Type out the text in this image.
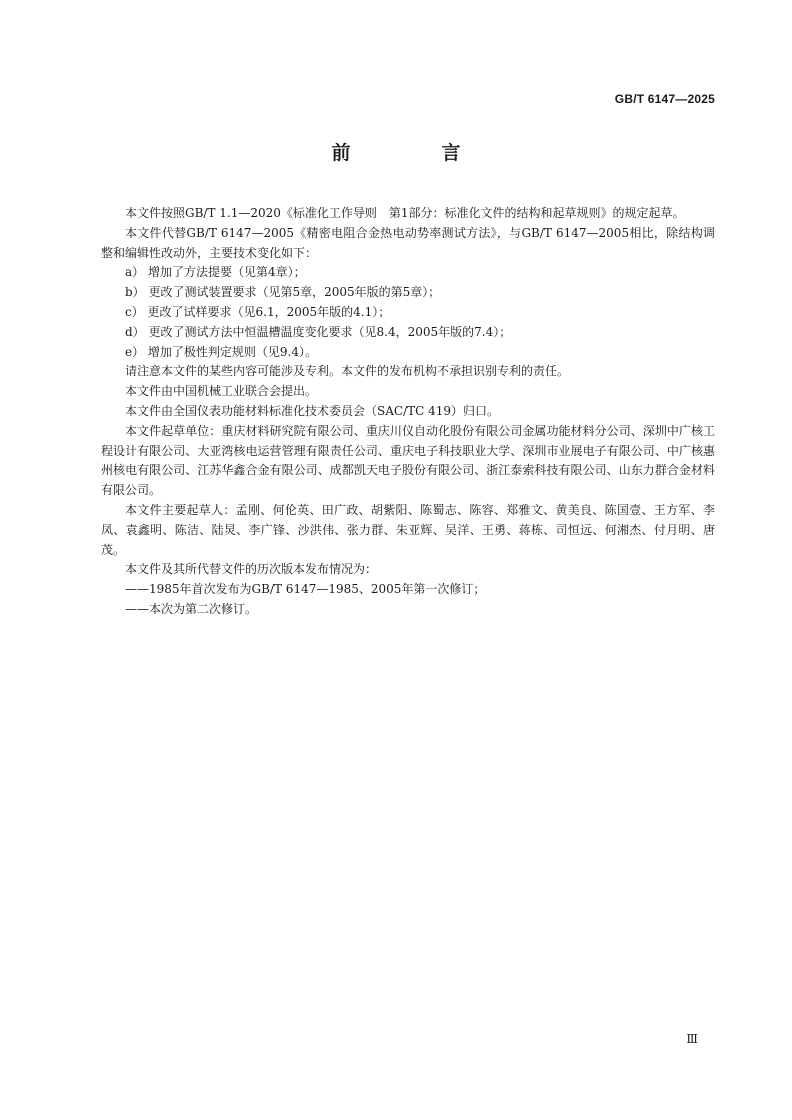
GB/T 6147—2025
前　言

本文件按照GB/T 1.1—2020《标准化工作导则　第1部分：标准化文件的结构和起草规则》的规定起草。

本文件代替GB/T 6147—2005《精密电阻合金热电动势率测试方法》，与GB/T 6147—2005相比，除结构调整和编辑性改动外，主要技术变化如下：

a） 增加了方法提要（见第4章）；

b） 更改了测试装置要求（见第5章，2005年版的第5章）；

c） 更改了试样要求（见6.1，2005年版的4.1）；

d） 更改了测试方法中恒温槽温度变化要求（见8.4，2005年版的7.4）；

e） 增加了极性判定规则（见9.4）。

请注意本文件的某些内容可能涉及专利。本文件的发布机构不承担识别专利的责任。

本文件由中国机械工业联合会提出。

本文件由全国仪表功能材料标准化技术委员会（SAC/TC 419）归口。

本文件起草单位：重庆材料研究院有限公司、重庆川仪自动化股份有限公司金属功能材料分公司、深圳中广核工程设计有限公司、大亚湾核电运营管理有限责任公司、重庆电子科技职业大学、深圳市业展电子有限公司、中广核惠州核电有限公司、江苏华鑫合金有限公司、成都凯天电子股份有限公司、浙江泰索科技有限公司、山东力群合金材料有限公司。

本文件主要起草人：孟刚、何伦英、田广政、胡紫阳、陈蜀志、陈容、郑雅文、黄美良、陈国壹、王方军、李凤、袁鑫明、陈洁、陆炅、李广锋、沙洪伟、张力群、朱亚辉、吴洋、王勇、蒋栋、司恒远、何湘杰、付月明、唐茂。

本文件及其所代替文件的历次版本发布情况为：

——1985年首次发布为GB/T 6147—1985、2005年第一次修订；

——本次为第二次修订。

Ⅲ
